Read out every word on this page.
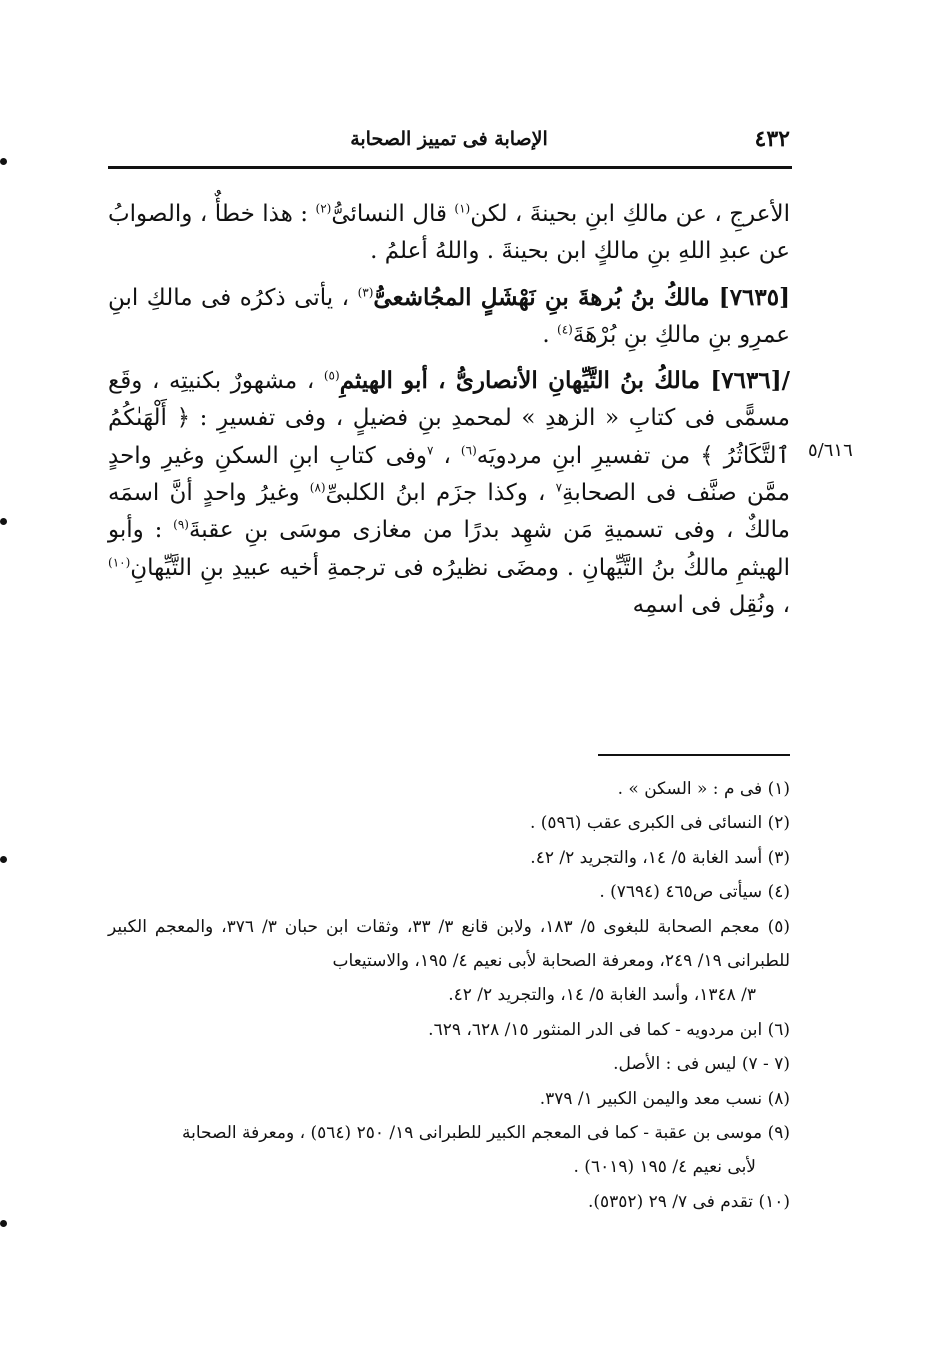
٤٣٢
الإصابة فى تمييز الصحابة
٥/٦١٦

الأعرجِ ، عن مالكِ ابنِ بحينةَ ، لكن$^{(١)}$ قال النسائىُّ$^{(٢)}$ : هذا خطأٌ ، والصوابُ عن عبدِ اللهِ بنِ مالكٍ ابن بحينةَ . واللهُ أعلمُ .

[٧٦٣٥] مالكُ بنُ بُرهةَ بنِ نَهْشَلٍ المجُاشعىُّ$^{(٣)}$ ، يأتى ذكرُه فى مالكِ ابنِ عمرِو بنِ مالكِ بنِ بُرْهَةَ$^{(٤)}$ .

/[٧٦٣٦] مالكُ بنُ التَّيِّهانِ الأنصارىُّ ، أبو الهيثمِ$^{(٥)}$ ، مشهورٌ بكنيتِه ، وقَع مسمًّى فى كتابِ « الزهدِ » لمحمدِ بنِ فضيلٍ ، وفى تفسيرِ : ﴿ أَلْهَىٰكُمُ ٱلتَّكَاثُرُ ﴾ من تفسيرِ ابنِ مردويَه$^{(٦)}$ ، $^٧$وفى كتابِ ابنِ السكنِ وغيرِ واحدٍ ممَّن صنَّف فى الصحابةِ$^٧$ ، وكذا جزَم ابنُ الكلبىِّ$^{(٨)}$ وغيرُ واحدٍ أنَّ اسمَه مالكٌ ، وفى تسميةِ مَن شهِد بدرًا من مغازى موسَى بنِ عقبةَ$^{(٩)}$ : وأبو الهيثمِ مالكُ بنُ التَّيِّهانِ . ومضَى نظيرُه فى ترجمةِ أخيه عبيدِ بنِ التَّيِّهانِ$^{(١٠)}$ ، ونُقِل فى اسمِه

(١) فى م : « السكن » .

(٢) النسائى فى الكبرى عقب (٥٩٦) .

(٣) أسد الغابة ٥/ ١٤، والتجريد ٢/ ٤٢.

(٤) سيأتى ص٤٦٥ (٧٦٩٤) .

(٥) معجم الصحابة للبغوى ٥/ ١٨٣، ولابن قانع ٣/ ٣٣، وثقات ابن حبان ٣/ ٣٧٦، والمعجم الكبير للطبرانى ١٩/ ٢٤٩، ومعرفة الصحابة لأبى نعيم ٤/ ١٩٥، والاستيعاب
٣/ ١٣٤٨، وأسد الغابة ٥/ ١٤، والتجريد ٢/ ٤٢.

(٦) ابن مردويه - كما فى الدر المنثور ١٥/ ٦٢٨، ٦٢٩.

(٧ - ٧) ليس فى : الأصل.

(٨) نسب معد واليمن الكبير ١/ ٣٧٩.

(٩) موسى بن عقبة - كما فى المعجم الكبير للطبرانى ١٩/ ٢٥٠ (٥٦٤) ، ومعرفة الصحابة
لأبى نعيم ٤/ ١٩٥ (٦٠١٩) .

(١٠) تقدم فى ٧/ ٢٩ (٥٣٥٢).
